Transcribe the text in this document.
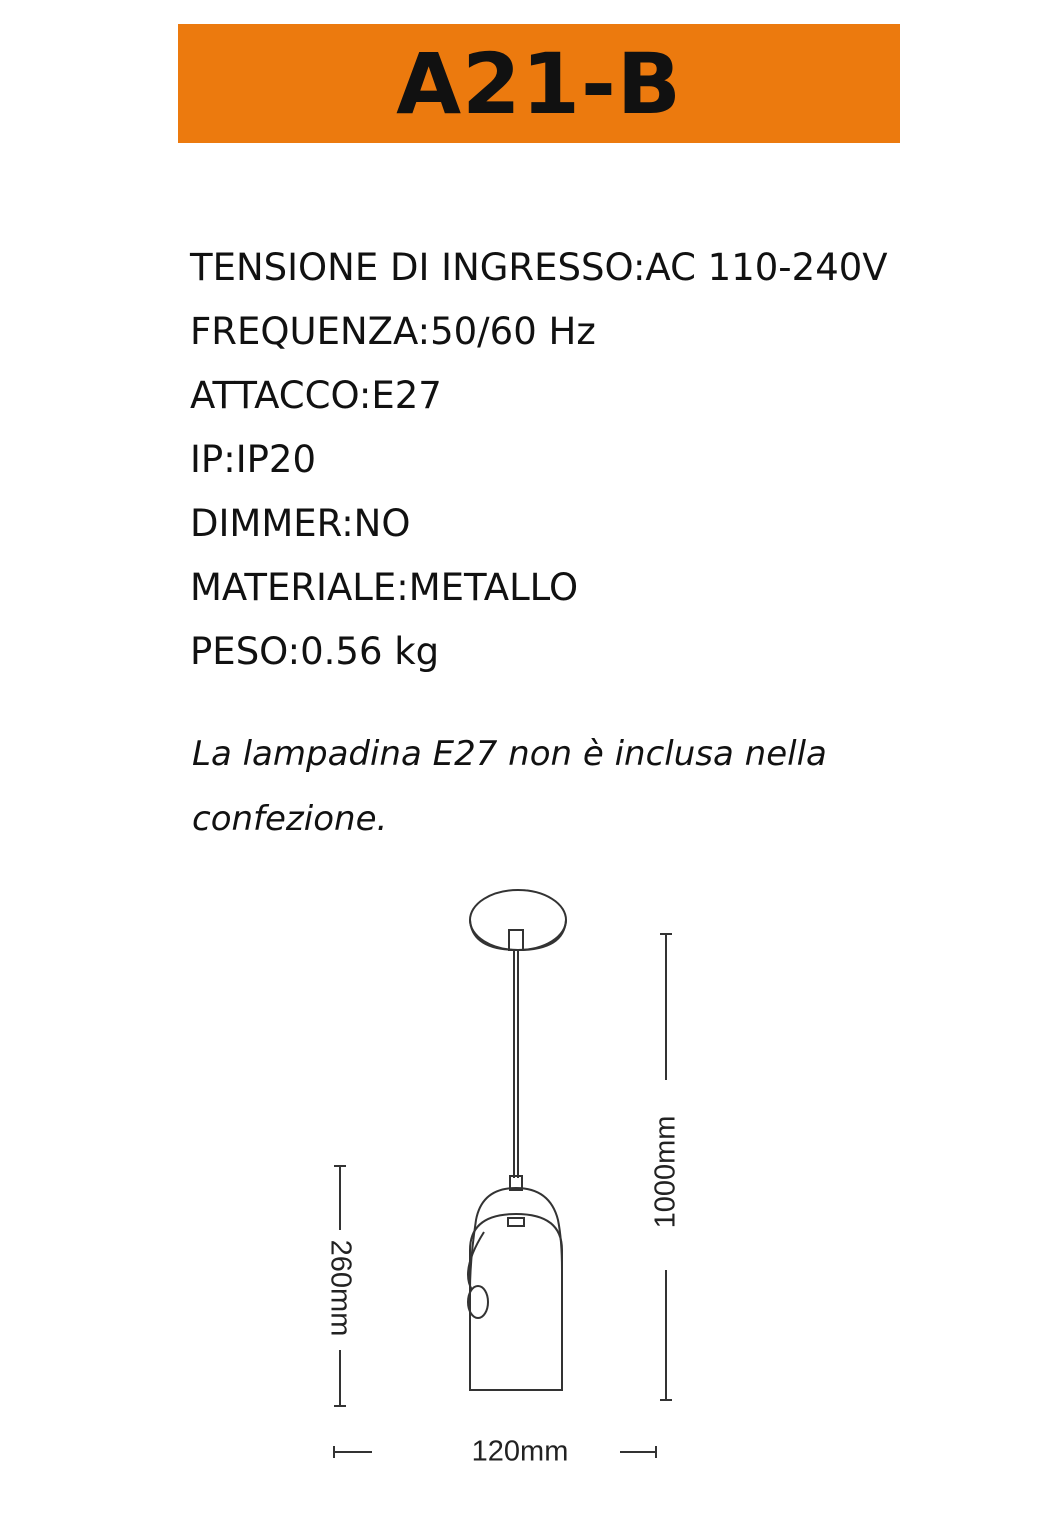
A21-B
TENSIONE DI INGRESSO:AC 110-240V
FREQUENZA:50/60 Hz
ATTACCO:E27
IP:IP20
DIMMER:NO
MATERIALE:METALLO
PESO:0.56 kg
La lampadina E27 non è inclusa nella confezione.
260mm
1000mm
120mm
